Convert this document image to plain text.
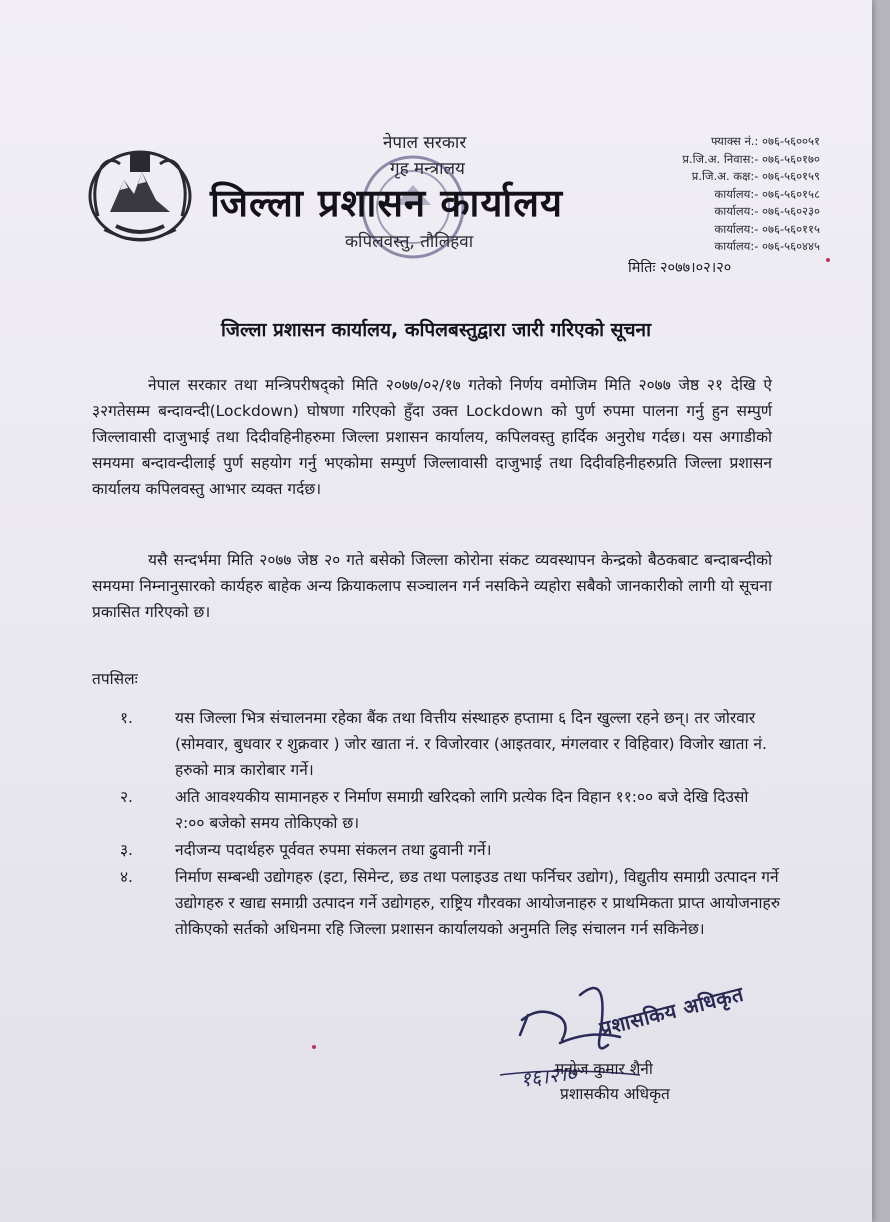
नेपाल सरकार
गृह मन्त्रालय
जिल्ला प्रशासन कार्यालय
कपिलवस्तु, तौलिहवा
फ्याक्स नं.: ०७६-५६००५१
प्र.जि.अ. निवास:- ०७६-५६०१७०
प्र.जि.अ. कक्ष:- ०७६-५६०१५९
कार्यालय:- ०७६-५६०१५८
कार्यालय:- ०७६-५६०२३०
कार्यालय:- ०७६-५६०११५
कार्यालय:- ०७६-५६०४४५
मितिः २०७७।०२।२०
जिल्ला प्रशासन कार्यालय, कपिलबस्तुद्वारा जारी गरिएको सूचना
नेपाल सरकार तथा मन्त्रिपरीषद्को मिति २०७७/०२/१७ गतेको निर्णय वमोजिम मिति २०७७ जेष्ठ २१ देखि ऐ ३२गतेसम्म बन्दावन्दी(Lockdown) घोषणा गरिएको हुँदा उक्त Lockdown को पुर्ण रुपमा पालना गर्नु हुन सम्पुर्ण जिल्लावासी दाजुभाई तथा दिदीवहिनीहरुमा जिल्ला प्रशासन कार्यालय, कपिलवस्तु हार्दिक अनुरोध गर्दछ। यस अगाडीको समयमा बन्दावन्दीलाई पुर्ण सहयोग गर्नु भएकोमा सम्पुर्ण जिल्लावासी दाजुभाई तथा दिदीवहिनीहरुप्रति जिल्ला प्रशासन कार्यालय कपिलवस्तु आभार व्यक्त गर्दछ।
यसै सन्दर्भमा मिति २०७७ जेष्ठ २० गते बसेको जिल्ला कोरोना संकट व्यवस्थापन केन्द्रको बैठकबाट बन्दाबन्दीको समयमा निम्नानुसारको कार्यहरु बाहेक अन्य क्रियाकलाप सञ्चालन गर्न नसकिने व्यहोरा सबैको जानकारीको लागी यो सूचना प्रकासित गरिएको छ।
तपसिलः
१.	यस जिल्ला भित्र संचालनमा रहेका बैंक तथा वित्तीय संस्थाहरु हप्तामा ६ दिन खुल्ला रहने छन्। तर जोरवार (सोमवार, बुधवार र शुक्रवार ) जोर खाता नं. र विजोरवार (आइतवार, मंगलवार र विहिवार) विजोर खाता नं. हरुको मात्र कारोबार गर्ने।
२.	अति आवश्यकीय सामानहरु र निर्माण समाग्री खरिदको लागि प्रत्येक दिन विहान ११:०० बजे देखि दिउसो २:०० बजेको समय तोकिएको छ।
३.	नदीजन्य पदार्थहरु पूर्ववत रुपमा संकलन तथा ढुवानी गर्ने।
४.	निर्माण सम्बन्धी उद्योगहरु (इटा, सिमेन्ट, छड तथा पलाइउड तथा फर्निचर उद्योग), विद्युतीय समाग्री उत्पादन गर्ने उद्योगहरु र खाद्य समाग्री उत्पादन गर्ने उद्योगहरु, राष्ट्रिय गौरवका आयोजनाहरु र प्राथमिकता प्राप्त आयोजनाहरु तोकिएको सर्तको अधिनमा रहि जिल्ला प्रशासन कार्यालयको अनुमति लिइ संचालन गर्न सकिनेछ।
प्रशासकिय अधिकृत
१६।२।७
मनोज कुमार शैनी
प्रशासकीय अधिकृत
